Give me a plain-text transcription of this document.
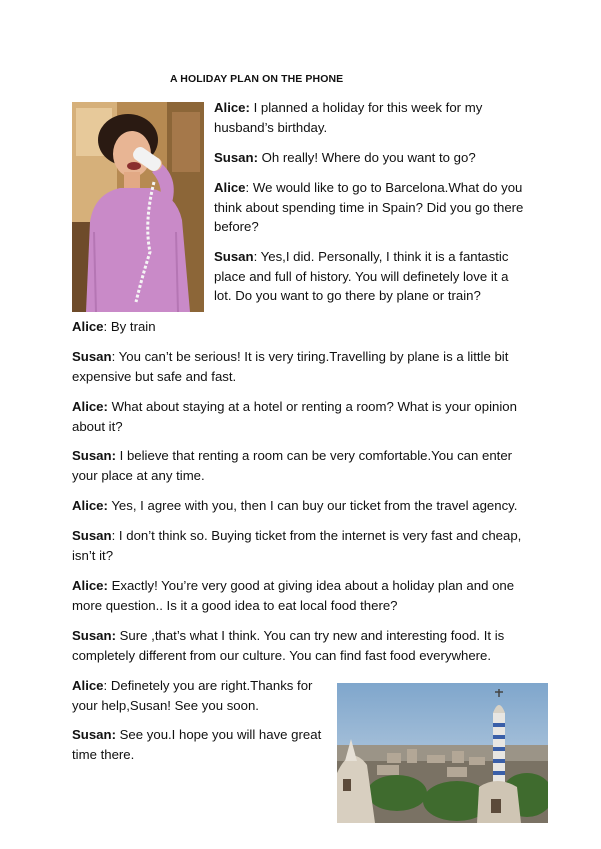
A HOLIDAY PLAN ON THE PHONE

Alice: I planned a holiday for this week for my husband’s birthday.

Susan: Oh really! Where do you want to go?

Alice: We would like to go to Barcelona.What do you think about spending time in Spain? Did you go there before?

Susan: Yes,I did. Personally, I think it is a fantastic place and full of history. You will definetely love it a lot. Do you want to go there by plane or train?

Alice: By train

Susan: You can’t be serious! It is very tiring.Travelling by plane is a little bit expensive but safe and fast.

Alice: What about staying at a hotel or renting a room? What is your opinion about it?

Susan: I believe that renting a room can be very comfortable.You can enter your place at any time.

Alice: Yes, I agree with you, then I can buy our ticket from the travel agency.

Susan: I don’t think so. Buying ticket from the internet is very fast and cheap, isn’t it?

Alice: Exactly! You’re very good at giving idea about a holiday plan and one more question.. Is it a good idea to eat local food there?

Susan: Sure ,that’s what I think. You can try new and interesting food. It is completely different from our culture. You can find fast food everywhere.

Alice: Definetely you are right.Thanks for your help,Susan! See you soon.

Susan: See you.I hope you will have great time there.
